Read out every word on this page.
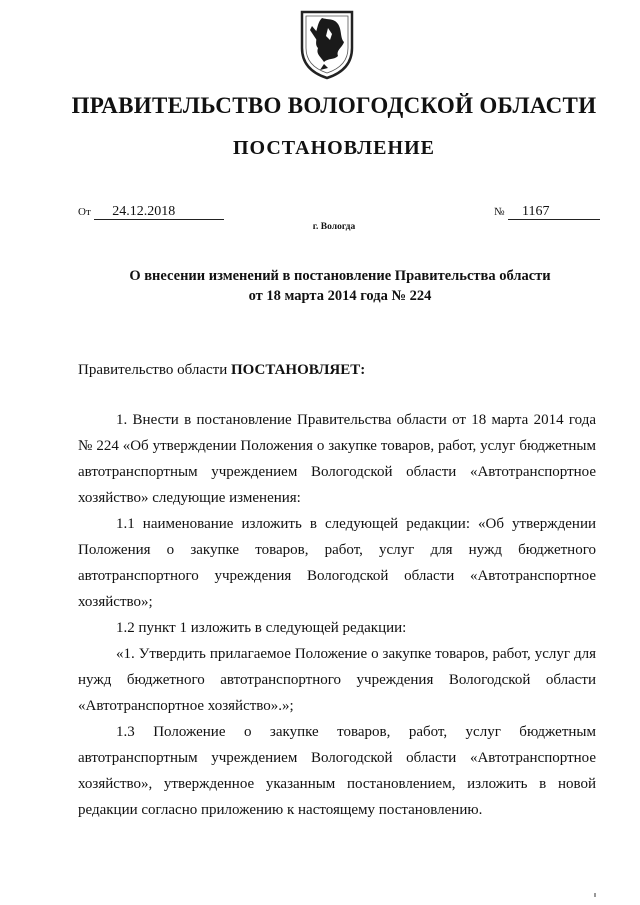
ПРАВИТЕЛЬСТВО ВОЛОГОДСКОЙ ОБЛАСТИ
ПОСТАНОВЛЕНИЕ
От 24.12.2018	№ 1167
г. Вологда
О внесении изменений в постановление Правительства области
от 18 марта 2014 года № 224
Правительство области ПОСТАНОВЛЯЕТ:

1. Внести в постановление Правительства области от 18 марта 2014 года № 224 «Об утверждении Положения о закупке товаров, работ, услуг бюджетным автотранспортным учреждением Вологодской области «Автотранспортное хозяйство» следующие изменения:

1.1 наименование изложить в следующей редакции: «Об утверждении Положения о закупке товаров, работ, услуг для нужд бюджетного автотранспортного учреждения Вологодской области «Автотранспортное хозяйство»;

1.2 пункт 1 изложить в следующей редакции:

«1. Утвердить прилагаемое Положение о закупке товаров, работ, услуг для нужд бюджетного автотранспортного учреждения Вологодской области «Автотранспортное хозяйство».»;

1.3 Положение о закупке товаров, работ, услуг бюджетным автотранспортным учреждением Вологодской области «Автотранспортное хозяйство», утвержденное указанным постановлением, изложить в новой редакции согласно приложению к настоящему постановлению.
